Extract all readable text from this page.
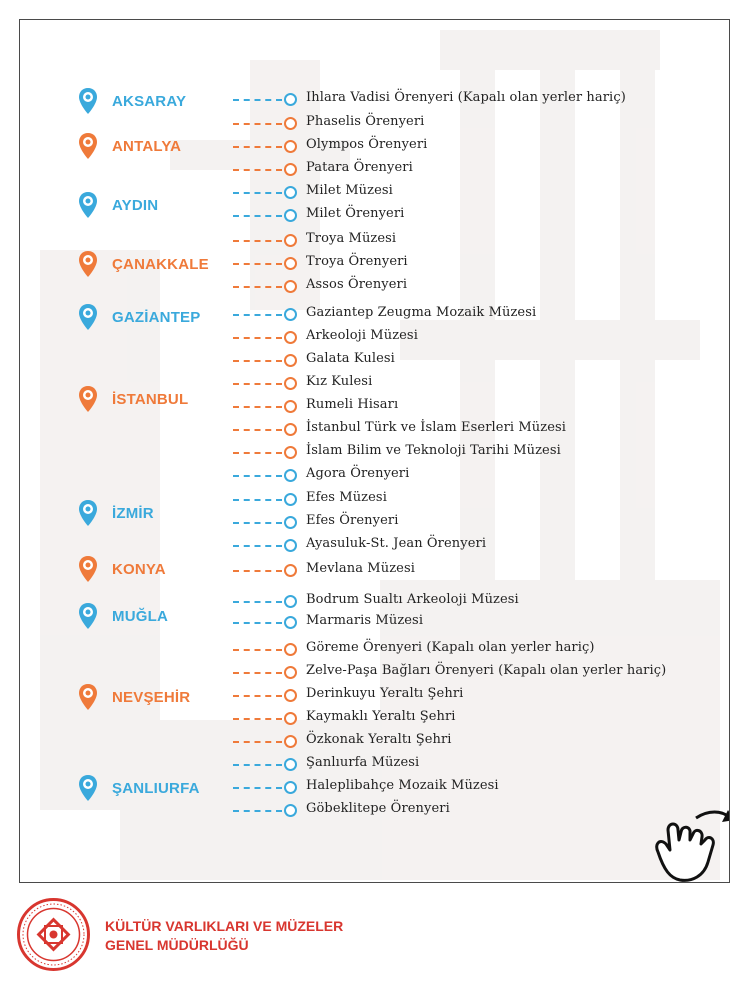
AKSARAY
ANTALYA
AYDIN
ÇANAKKALE
GAZİANTEP
İSTANBUL
İZMİR
KONYA
MUĞLA
NEVŞEHİR
ŞANLIURFA
Ihlara Vadisi Örenyeri (Kapalı olan yerler hariç)
Phaselis Örenyeri
Olympos Örenyeri
Patara Örenyeri
Milet Müzesi
Milet Örenyeri
Troya Müzesi
Troya Örenyeri
Assos Örenyeri
Gaziantep Zeugma Mozaik Müzesi
Arkeoloji Müzesi
Galata Kulesi
Kız Kulesi
Rumeli Hisarı
İstanbul Türk ve İslam Eserleri Müzesi
İslam Bilim ve Teknoloji Tarihi Müzesi
Agora Örenyeri
Efes Müzesi
Efes Örenyeri
Ayasuluk-St. Jean Örenyeri
Mevlana Müzesi
Bodrum Sualtı Arkeoloji Müzesi
Marmaris Müzesi
Göreme Örenyeri (Kapalı olan yerler hariç)
Zelve-Paşa Bağları Örenyeri (Kapalı olan yerler hariç)
Derinkuyu Yeraltı Şehri
Kaymaklı Yeraltı Şehri
Özkonak Yeraltı Şehri
Şanlıurfa Müzesi
Haleplibahçe Mozaik Müzesi
Göbeklitepe Örenyeri
KÜLTÜR VARLIKLARI VE MÜZELER
GENEL MÜDÜRLÜĞÜ
